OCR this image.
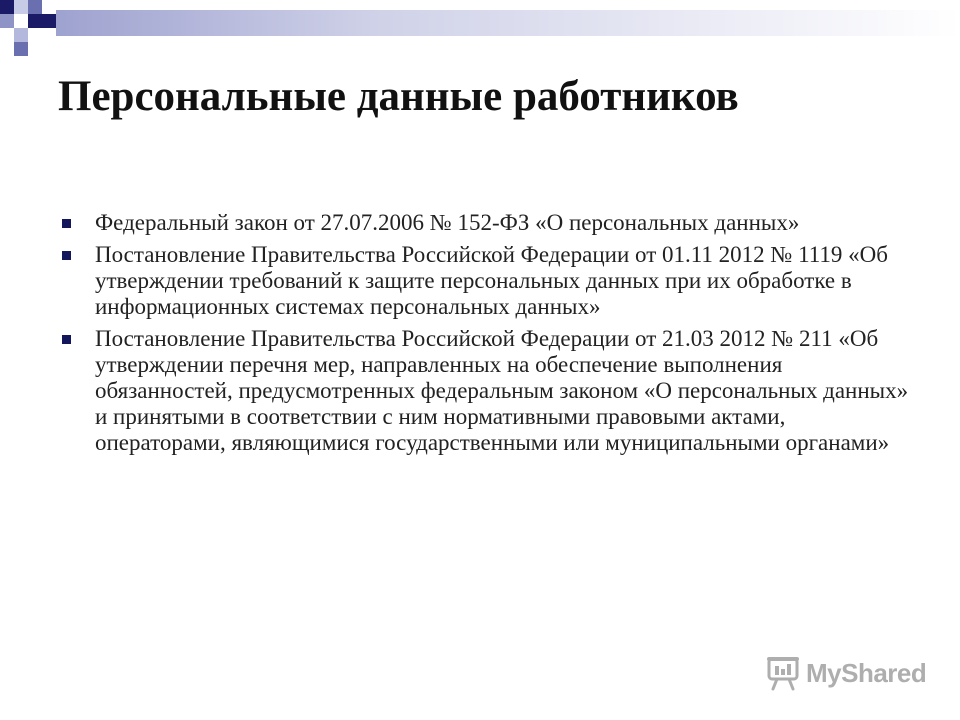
Персональные данные работников
Федеральный закон от 27.07.2006 № 152-ФЗ «О персональных данных»
Постановление Правительства Российской Федерации от 01.11 2012 № 1119 «Об утверждении требований к защите персональных данных при их обработке в информационных системах персональных данных»
Постановление Правительства Российской Федерации от 21.03 2012 № 211 «Об утверждении перечня мер, направленных на обеспечение выполнения обязанностей, предусмотренных федеральным законом «О персональных данных» и принятыми в соответствии с ним нормативными правовыми актами, операторами, являющимися государственными или муниципальными органами»
MyShared
